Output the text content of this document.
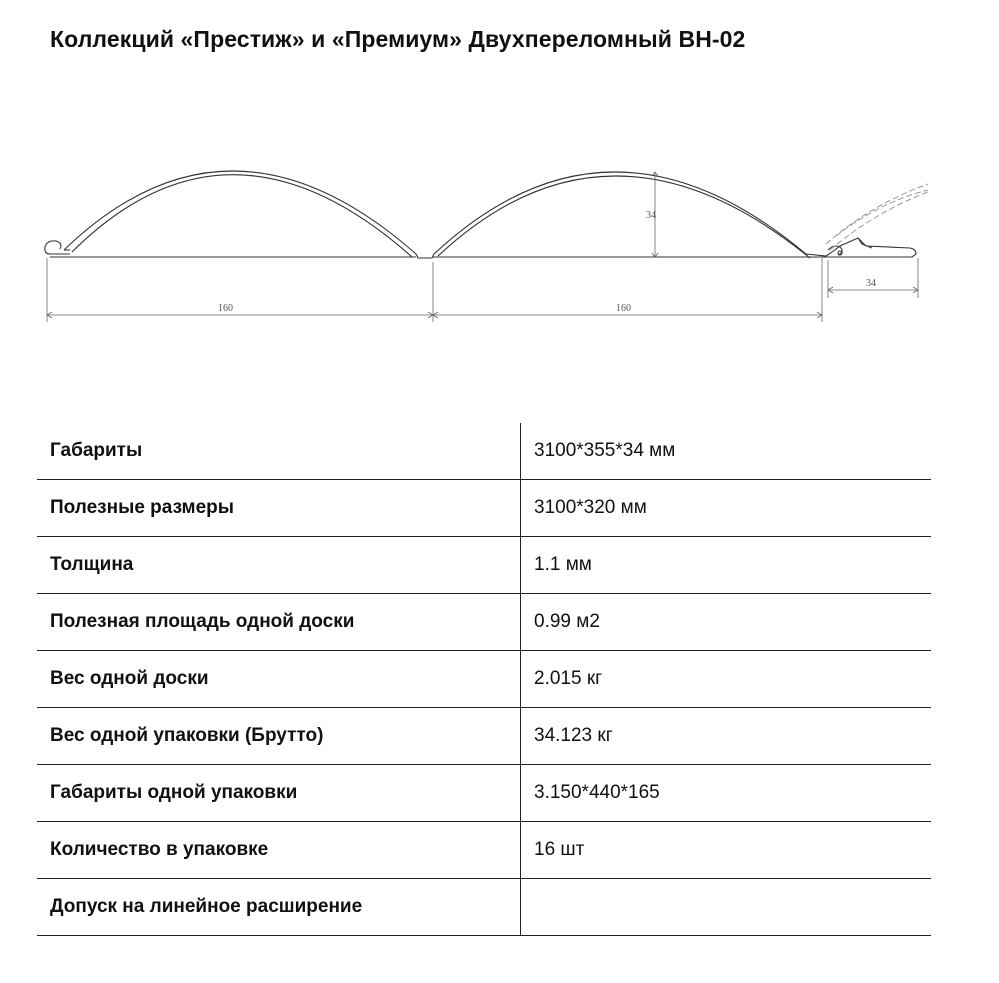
Коллекций «Престиж» и «Премиум» Двухпереломный ВН-02
34
160	160
34
Габариты	3100*355*34 мм
Полезные размеры	3100*320 мм
Толщина	1.1 мм
Полезная площадь одной доски	0.99 м2
Вес одной доски	2.015 кг
Вес одной упаковки (Брутто)	34.123 кг
Габариты одной упаковки	3.150*440*165
Количество в упаковке	16 шт
Допуск на линейное расширение	
